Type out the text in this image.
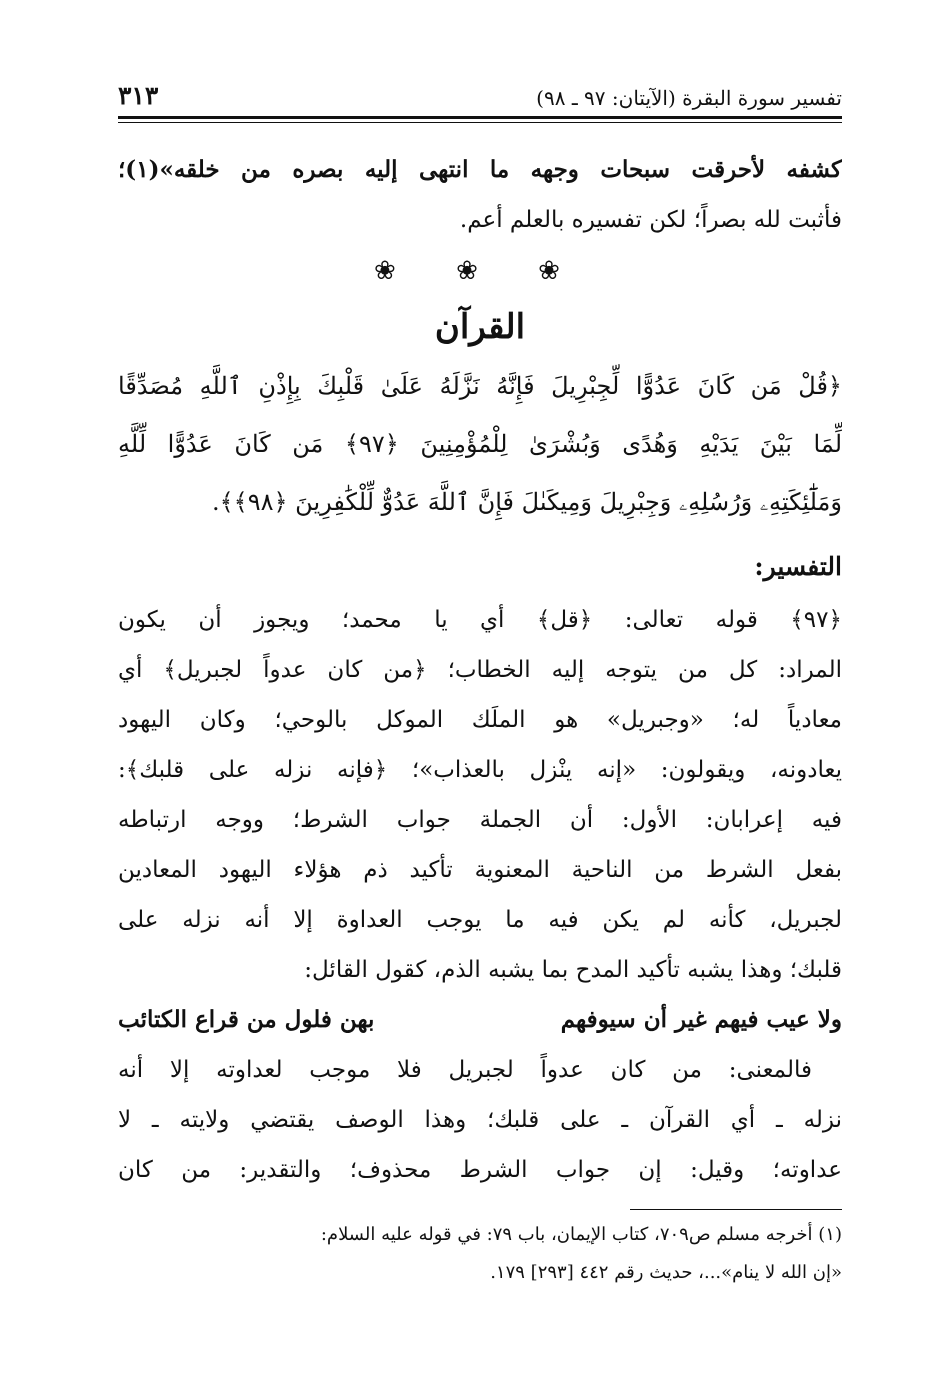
تفسير سورة البقرة (الآيتان: ٩٧ ـ ٩٨)
٣١٣
كشفه لأحرقت سبحات وجهه ما انتهى إليه بصره من خلقه»(١)؛
فأثبت لله بصراً؛ لكن تفسيره بالعلم أعم.
❀ ❀ ❀
القرآن
﴿قُلْ مَن كَانَ عَدُوًّا لِّجِبْرِيلَ فَإِنَّهُ نَزَّلَهُ عَلَىٰ قَلْبِكَ بِإِذْنِ ٱللَّهِ مُصَدِّقًا
لِّمَا بَيْنَ يَدَيْهِ وَهُدًى وَبُشْرَىٰ لِلْمُؤْمِنِينَ ﴿٩٧﴾ مَن كَانَ عَدُوًّا لِّلَّهِ
وَمَلَٰٓئِكَتِهِۦ وَرُسُلِهِۦ وَجِبْرِيلَ وَمِيكَىٰلَ فَإِنَّ ٱللَّهَ عَدُوٌّ لِّلْكَٰفِرِينَ ﴿٩٨﴾﴾.
التفسير:
﴿٩٧﴾ قوله تعالى: ﴿قل﴾ أي يا محمد؛ ويجوز أن يكون
المراد: كل من يتوجه إليه الخطاب؛ ﴿من كان عدواً لجبريل﴾ أي
معادياً له؛ «وجبريل» هو الملَك الموكل بالوحي؛ وكان اليهود
يعادونه، ويقولون: «إنه ينْزل بالعذاب»؛ ﴿فإنه نزله على قلبك﴾:
فيه إعرابان: الأول: أن الجملة جواب الشرط؛ ووجه ارتباطه
بفعل الشرط من الناحية المعنوية تأكيد ذم هؤلاء اليهود المعادين
لجبريل، كأنه لم يكن فيه ما يوجب العداوة إلا أنه نزله على
قلبك؛ وهذا يشبه تأكيد المدح بما يشبه الذم، كقول القائل:
ولا عيب فيهم غير أن سيوفهم
بهن فلول من قراع الكتائب
فالمعنى: من كان عدواً لجبريل فلا موجب لعداوته إلا أنه
نزله ـ أي القرآن ـ على قلبك؛ وهذا الوصف يقتضي ولايته ـ لا
عداوته؛ وقيل: إن جواب الشرط محذوف؛ والتقدير: من كان
(١) أخرجه مسلم ص٧٠٩، كتاب الإيمان، باب ٧٩: في قوله عليه السلام:
«إن الله لا ينام»...، حديث رقم ٤٤٢ [٢٩٣] ١٧٩.
